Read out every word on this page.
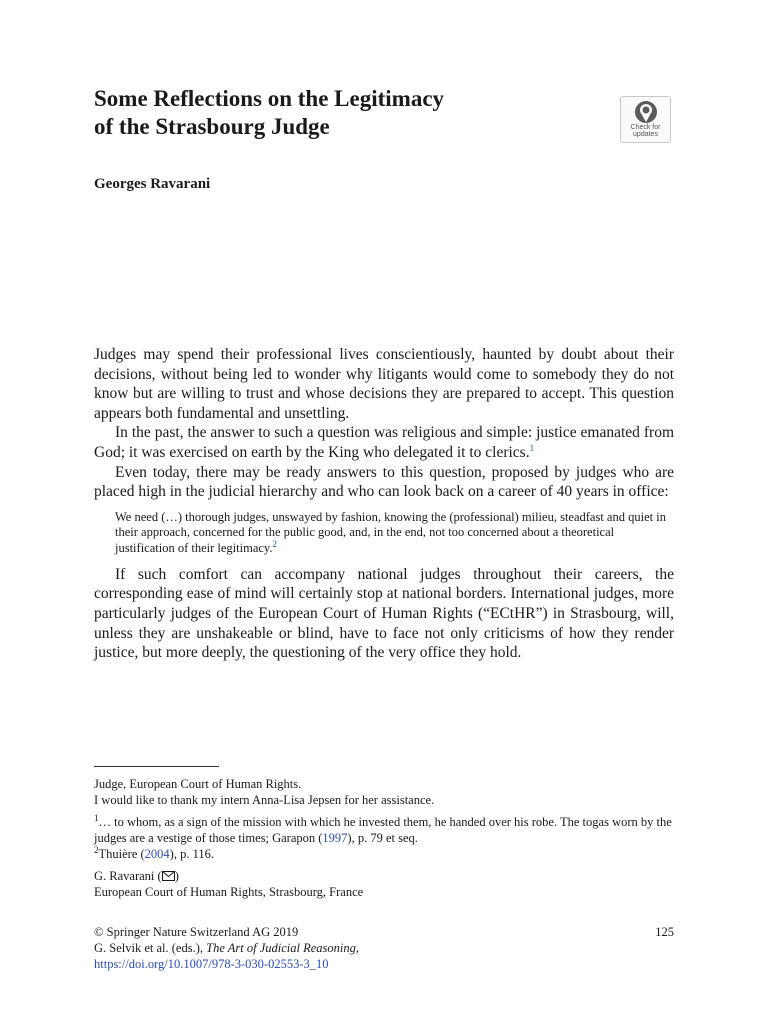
Some Reflections on the Legitimacy
of the Strasbourg Judge	Check for
updates

Georges Ravarani

Judges may spend their professional lives conscientiously, haunted by doubt about their decisions, without being led to wonder why litigants would come to somebody they do not know but are willing to trust and whose decisions they are prepared to accept. This question appears both fundamental and unsettling.

In the past, the answer to such a question was religious and simple: justice emanated from God; it was exercised on earth by the King who delegated it to clerics.$^1$

Even today, there may be ready answers to this question, proposed by judges who are placed high in the judicial hierarchy and who can look back on a career of 40 years in office:

We need (…) thorough judges, unswayed by fashion, knowing the (professional) milieu, steadfast and quiet in their approach, concerned for the public good, and, in the end, not too concerned about a theoretical justification of their legitimacy.$^2$

If such comfort can accompany national judges throughout their careers, the corresponding ease of mind will certainly stop at national borders. International judges, more particularly judges of the European Court of Human Rights (“ECtHR”) in Strasbourg, will, unless they are unshakeable or blind, have to face not only criticisms of how they render justice, but more deeply, the questioning of the very office they hold.

Judge, European Court of Human Rights.

I would like to thank my intern Anna-Lisa Jepsen for her assistance.

$^1$… to whom, as a sign of the mission with which he invested them, he handed over his robe. The togas worn by the judges are a vestige of those times; Garapon (1997), p. 79 et seq.

$^2$Thuière (2004), p. 116.

G. Ravarani ( )

European Court of Human Rights, Strasbourg, France

© Springer Nature Switzerland AG 2019	125

G. Selvik et al. (eds.), The Art of Judicial Reasoning,

https://doi.org/10.1007/978-3-030-02553-3_10
